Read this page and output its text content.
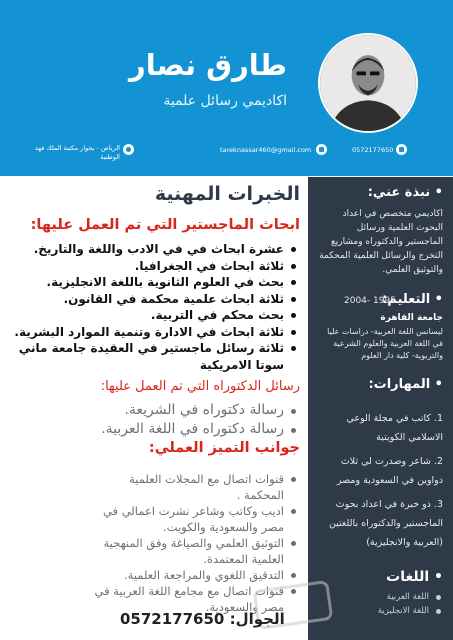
طارق نصار
اكاديمي رسائل علمية
0572177650
tareknassar460@gmail.com
الرياض - بجوار مكتبة الملك فهد الوطنية
• نبذة عني:
اكاديمي متخصص في اعداد البحوث العلمية ورسائل الماجستير والدكتوراه ومشاريع التخرج والرسائل العلمية المحكمة والتوثيق العلمي.
• التعليم:
2004- 1995
جامعة القاهرة
ليسانس اللغة العربية- دراسات عليا في اللغة العربية والعلوم الشرعية والتربوية- كلية دار العلوم
• المهارات:
1. كاتب في مجلة الوعي الاسلامي الكويتية
2. شاعر وصدرت لي ثلاث دواوين في السعودية ومصر
3. ذو خبرة في اعداد بحوث الماجستير والدكتوراه باللغتين (العربية والانجليزية)
• اللغات
اللغة العربية
اللغة الانجليزية
الخبرات المهنية
ابحاث الماجستير التي تم العمل عليها:
عشرة ابحاث في في الادب واللغة والتاريخ.
ثلاثة ابحاث في الجغرافيا.
بحث في العلوم الثانوية باللغة الانجليزية.
ثلاثة ابحاث علمية محكمة في القانون.
بحث محكم في التربية.
ثلاثة ابحاث في الادارة وتنمية الموارد البشرية.
ثلاثة رسائل ماجستير في العقيدة جامعة ماني سوتا الامريكية
رسائل الدكتوراه التي تم العمل عليها:
رسالة دكتوراه في الشريعة.
رسالة دكتوراه في اللغة العربية.
جوانب التميز العملي:
قنوات اتصال مع المجلات العلمية المحكمة .
اديب وكاتب وشاعر نشرت اعمالي في مصر والسعودية والكويت.
التوثيق العلمي والصياغة وفق المنهجية العلمية المعتمدة.
التدقيق اللغوي والمراجعة العلمية.
قنوات اتصال مع مجامع اللغة العربية في مصر والسعودية.
الجوال: 0572177650
